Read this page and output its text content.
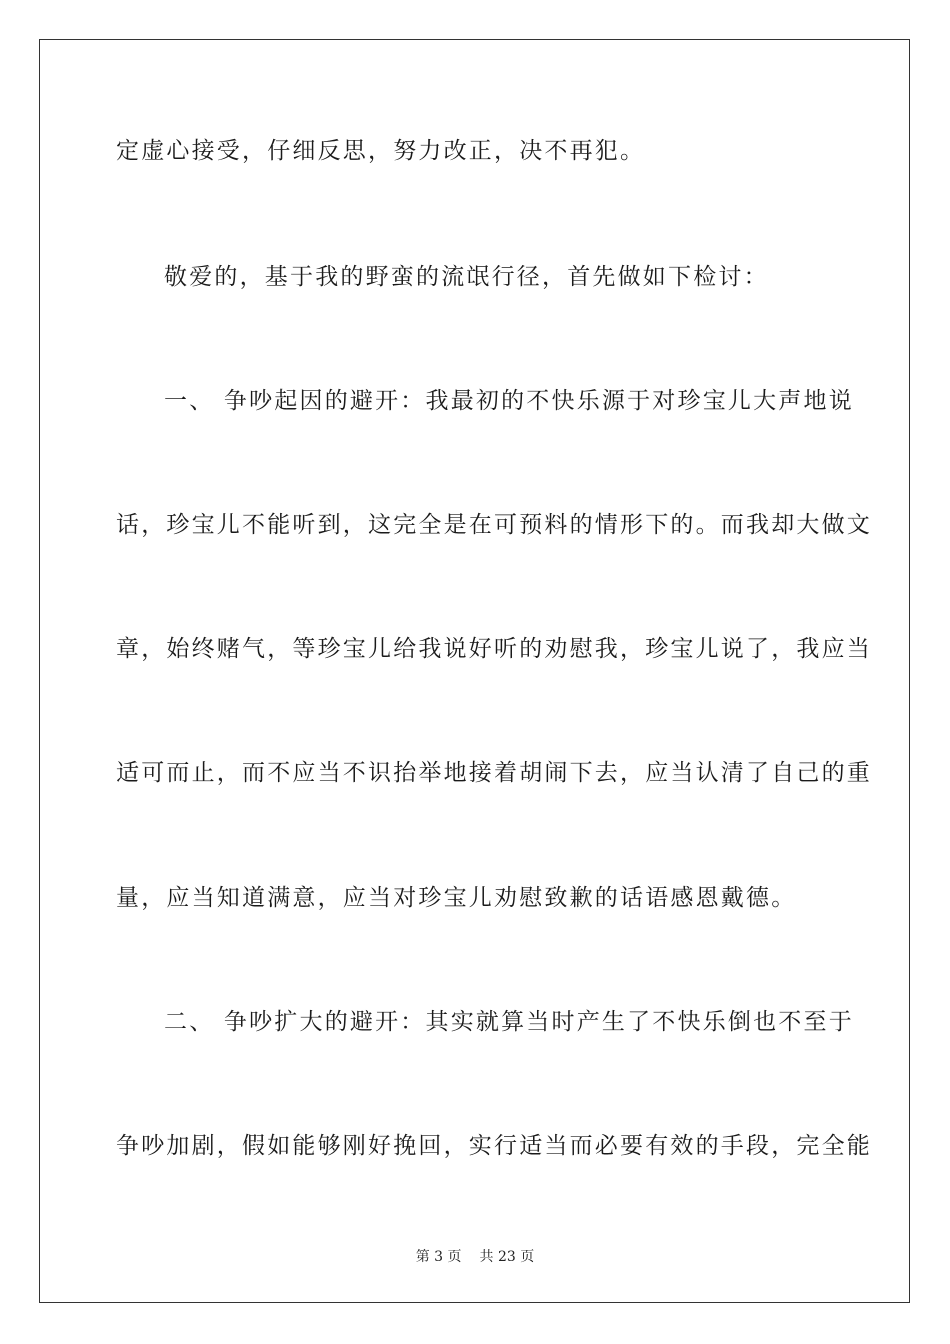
定虚心接受，仔细反思，努力改正，决不再犯。
敬爱的，基于我的野蛮的流氓行径，首先做如下检讨：
一、 争吵起因的避开：我最初的不快乐源于对珍宝儿大声地说
话，珍宝儿不能听到，这完全是在可预料的情形下的。而我却大做文
章，始终赌气，等珍宝儿给我说好听的劝慰我，珍宝儿说了，我应当
适可而止，而不应当不识抬举地接着胡闹下去，应当认清了自己的重
量，应当知道满意，应当对珍宝儿劝慰致歉的话语感恩戴德。
二、 争吵扩大的避开：其实就算当时产生了不快乐倒也不至于
争吵加剧，假如能够刚好挽回，实行适当而必要有效的手段，完全能
第 3 页 共 23 页
